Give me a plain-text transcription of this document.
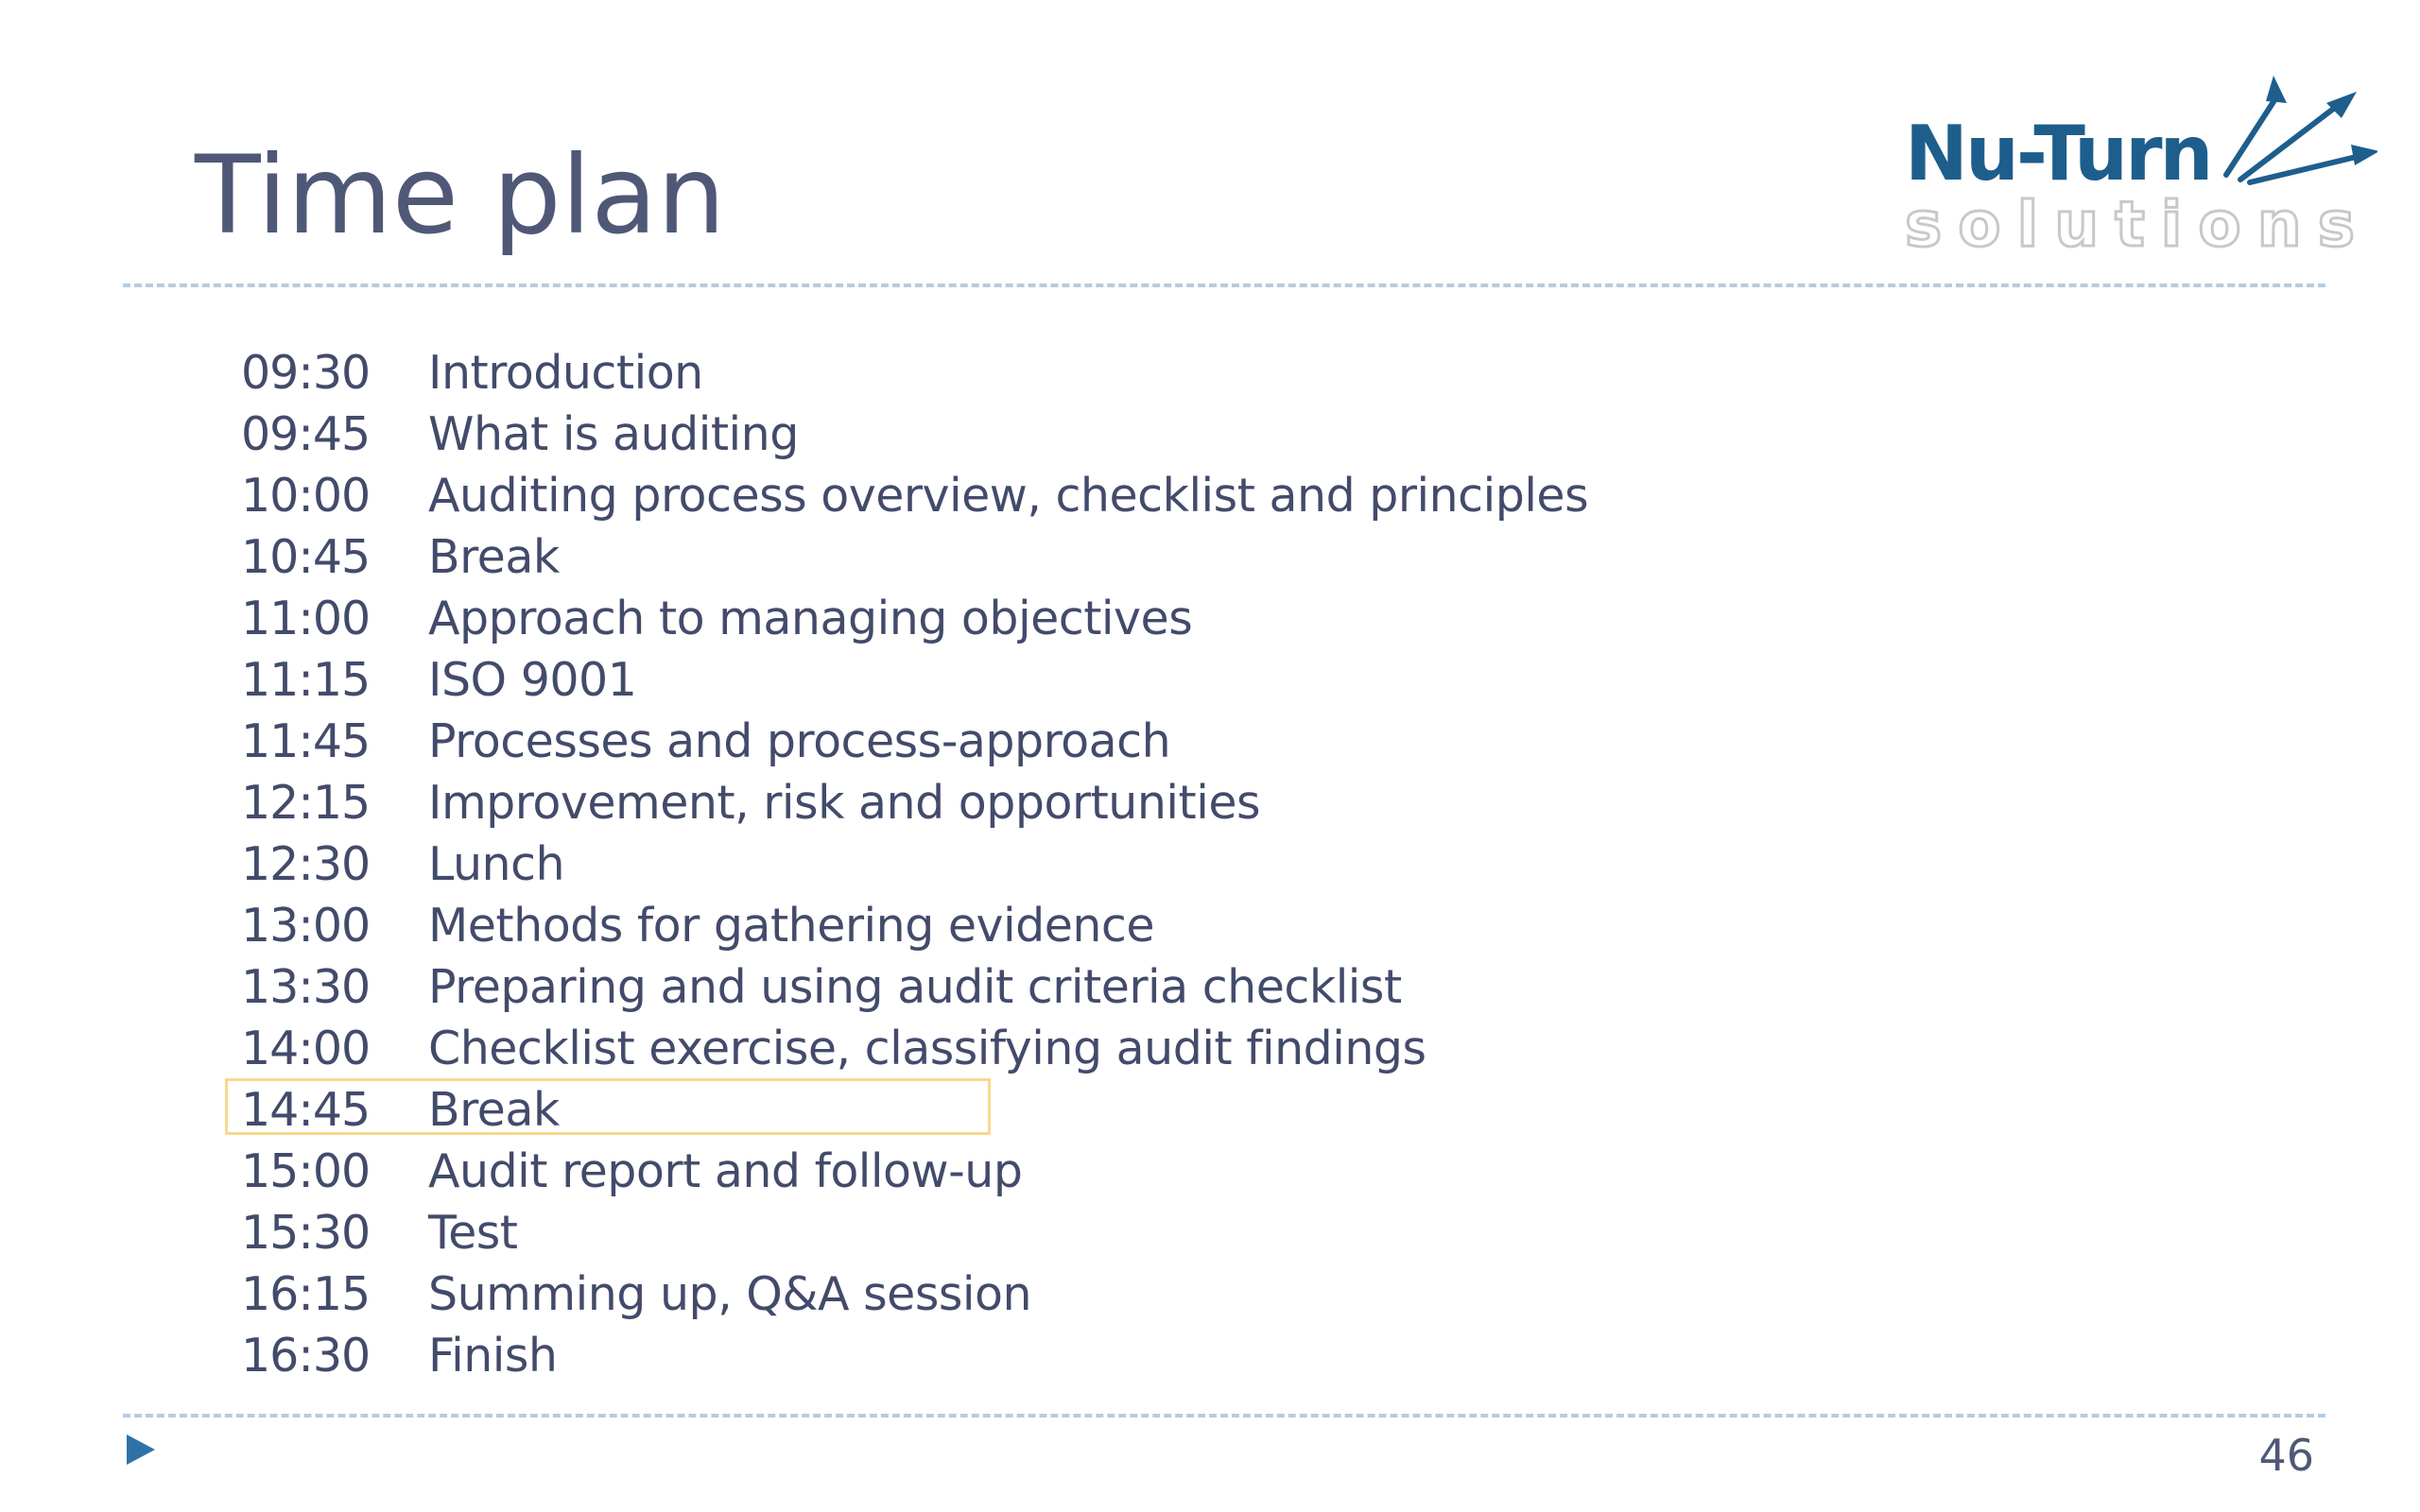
Time plan	Nu-Turn
solutions
09:30 Introduction
09:45 What is auditing
10:00 Auditing process overview, checklist and principles
10:45 Break
11:00 Approach to managing objectives
11:15 ISO 9001
11:45 Processes and process-approach
12:15 Improvement, risk and opportunities
12:30 Lunch
13:00 Methods for gathering evidence
13:30 Preparing and using audit criteria checklist
14:00 Checklist exercise, classifying audit findings
14:45 Break
15:00 Audit report and follow-up
15:30 Test
16:15 Summing up, Q&A session
16:30 Finish
46
